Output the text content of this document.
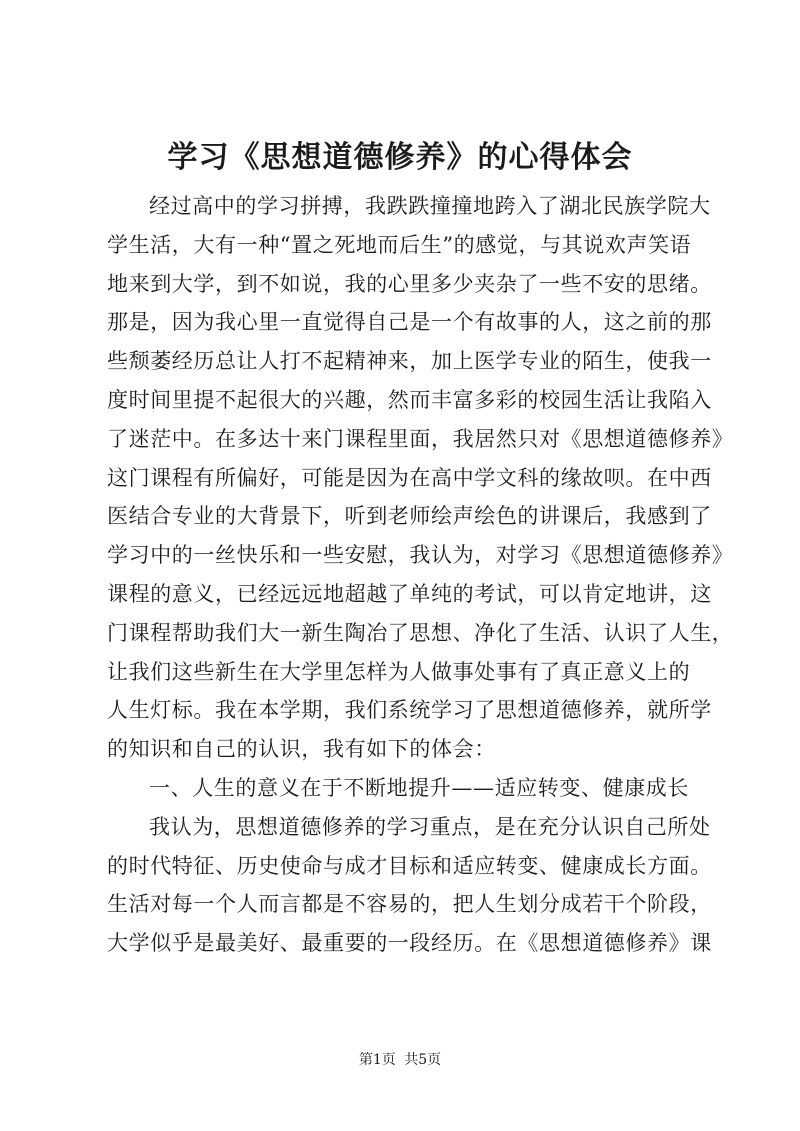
学习《思想道德修养》的心得体会
经过高中的学习拼搏，我跌跌撞撞地跨入了湖北民族学院大
学生活，大有一种“置之死地而后生”的感觉，与其说欢声笑语
地来到大学，到不如说，我的心里多少夹杂了一些不安的思绪。
那是，因为我心里一直觉得自己是一个有故事的人，这之前的那
些颓萎经历总让人打不起精神来，加上医学专业的陌生，使我一
度时间里提不起很大的兴趣，然而丰富多彩的校园生活让我陷入
了迷茫中。在多达十来门课程里面，我居然只对《思想道德修养》
这门课程有所偏好，可能是因为在高中学文科的缘故呗。在中西
医结合专业的大背景下，听到老师绘声绘色的讲课后，我感到了
学习中的一丝快乐和一些安慰，我认为，对学习《思想道德修养》
课程的意义，已经远远地超越了单纯的考试，可以肯定地讲，这
门课程帮助我们大一新生陶冶了思想、净化了生活、认识了人生，
让我们这些新生在大学里怎样为人做事处事有了真正意义上的
人生灯标。我在本学期，我们系统学习了思想道德修养，就所学
的知识和自己的认识，我有如下的体会：
一、人生的意义在于不断地提升——适应转变、健康成长
我认为，思想道德修养的学习重点，是在充分认识自己所处
的时代特征、历史使命与成才目标和适应转变、健康成长方面。
生活对每一个人而言都是不容易的，把人生划分成若干个阶段，
大学似乎是最美好、最重要的一段经历。在《思想道德修养》课
第1页 共5页
